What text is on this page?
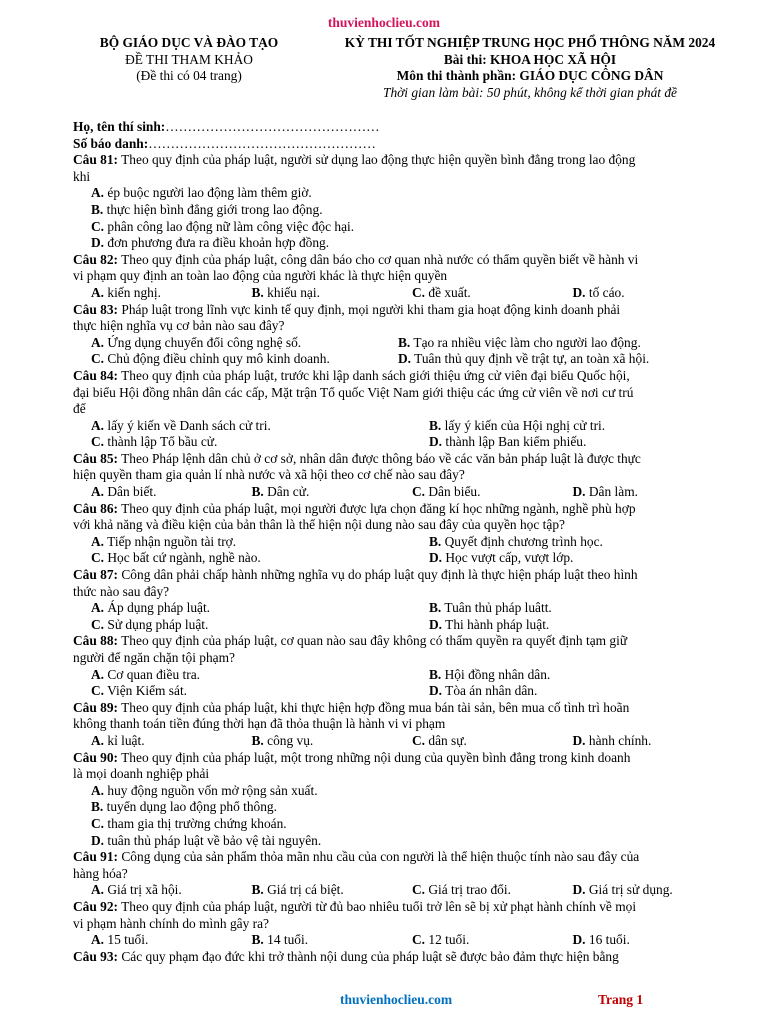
thuvienhoclieu.com
BỘ GIÁO DỤC VÀ ĐÀO TẠO
ĐỀ THI THAM KHẢO
(Đề thi có 04 trang)
KỲ THI TỐT NGHIỆP TRUNG HỌC PHỔ THÔNG NĂM 2024
Bài thi: KHOA HỌC XÃ HỘI
Môn thi thành phần: GIÁO DỤC CÔNG DÂN
Thời gian làm bài: 50 phút, không kể thời gian phát đề
Họ, tên thí sinh:…………………………………………
Số báo danh:……………………………………………
Câu 81: Theo quy định của pháp luật, người sử dụng lao động thực hiện quyền bình đẳng trong lao động
khi
A. ép buộc người lao động làm thêm giờ.
B. thực hiện bình đẳng giới trong lao động.
C. phân công lao động nữ làm công việc độc hại.
D. đơn phương đưa ra điều khoản hợp đồng.
Câu 82: Theo quy định của pháp luật, công dân báo cho cơ quan nhà nước có thẩm quyền biết về hành vi
vi phạm quy định an toàn lao động của người khác là thực hiện quyền
A. kiến nghị.	B. khiếu nại.	C. đề xuất.	D. tố cáo.
Câu 83: Pháp luật trong lĩnh vực kinh tế quy định, mọi người khi tham gia hoạt động kinh doanh phải
thực hiện nghĩa vụ cơ bản nào sau đây?
A. Ứng dụng chuyển đổi công nghệ số.	B. Tạo ra nhiều việc làm cho người lao động.
C. Chủ động điều chỉnh quy mô kinh doanh.	D. Tuân thủ quy định về trật tự, an toàn xã hội.
Câu 84: Theo quy định của pháp luật, trước khi lập danh sách giới thiệu ứng cử viên đại biểu Quốc hội,
đại biểu Hội đồng nhân dân các cấp, Mặt trận Tổ quốc Việt Nam giới thiệu các ứng cử viên về nơi cư trú
để
A. lấy ý kiến về Danh sách cử tri.	B. lấy ý kiến của Hội nghị cử tri.
C. thành lập Tổ bầu cử.	D. thành lập Ban kiểm phiếu.
Câu 85: Theo Pháp lệnh dân chủ ở cơ sở, nhân dân được thông báo về các văn bản pháp luật là được thực
hiện quyền tham gia quản lí nhà nước và xã hội theo cơ chế nào sau đây?
A. Dân biết.	B. Dân cử.	C. Dân biểu.	D. Dân làm.
Câu 86: Theo quy định của pháp luật, mọi người được lựa chọn đăng kí học những ngành, nghề phù hợp
với khả năng và điều kiện của bản thân là thể hiện nội dung nào sau đây của quyền học tập?
A. Tiếp nhận nguồn tài trợ.	B. Quyết định chương trình học.
C. Học bất cứ ngành, nghề nào.	D. Học vượt cấp, vượt lớp.
Câu 87: Công dân phải chấp hành những nghĩa vụ do pháp luật quy định là thực hiện pháp luật theo hình
thức nào sau đây?
A. Áp dụng pháp luật.	B. Tuân thủ pháp luâtt.
C. Sử dụng pháp luật.	D. Thi hành pháp luật.
Câu 88: Theo quy định của pháp luật, cơ quan nào sau đây không có thẩm quyền ra quyết định tạm giữ
người để ngăn chặn tội phạm?
A. Cơ quan điều tra.	B. Hội đồng nhân dân.
C. Viện Kiểm sát.	D. Tòa án nhân dân.
Câu 89: Theo quy định của pháp luật, khi thực hiện hợp đồng mua bán tài sản, bên mua cố tình trì hoãn
không thanh toán tiền đúng thời hạn đã thỏa thuận là hành vi vi phạm
A. kỉ luật.	B. công vụ.	C. dân sự.	D. hành chính.
Câu 90: Theo quy định của pháp luật, một trong những nội dung của quyền bình đẳng trong kinh doanh
là mọi doanh nghiệp phải
A. huy động nguồn vốn mở rộng sản xuất.
B. tuyển dụng lao động phổ thông.
C. tham gia thị trường chứng khoán.
D. tuân thủ pháp luật về bảo vệ tài nguyên.
Câu 91: Công dụng của sản phẩm thỏa mãn nhu cầu của con người là thể hiện thuộc tính nào sau đây của
hàng hóa?
A. Giá trị xã hội.	B. Giá trị cá biệt.	C. Giá trị trao đổi.	D. Giá trị sử dụng.
Câu 92: Theo quy định của pháp luật, người từ đủ bao nhiêu tuổi trở lên sẽ bị xử phạt hành chính về mọi
vi phạm hành chính do mình gây ra?
A. 15 tuổi.	B. 14 tuổi.	C. 12 tuổi.	D. 16 tuổi.
Câu 93: Các quy phạm đạo đức khi trở thành nội dung của pháp luật sẽ được bảo đảm thực hiện bằng
thuvienhoclieu.com	Trang 1
